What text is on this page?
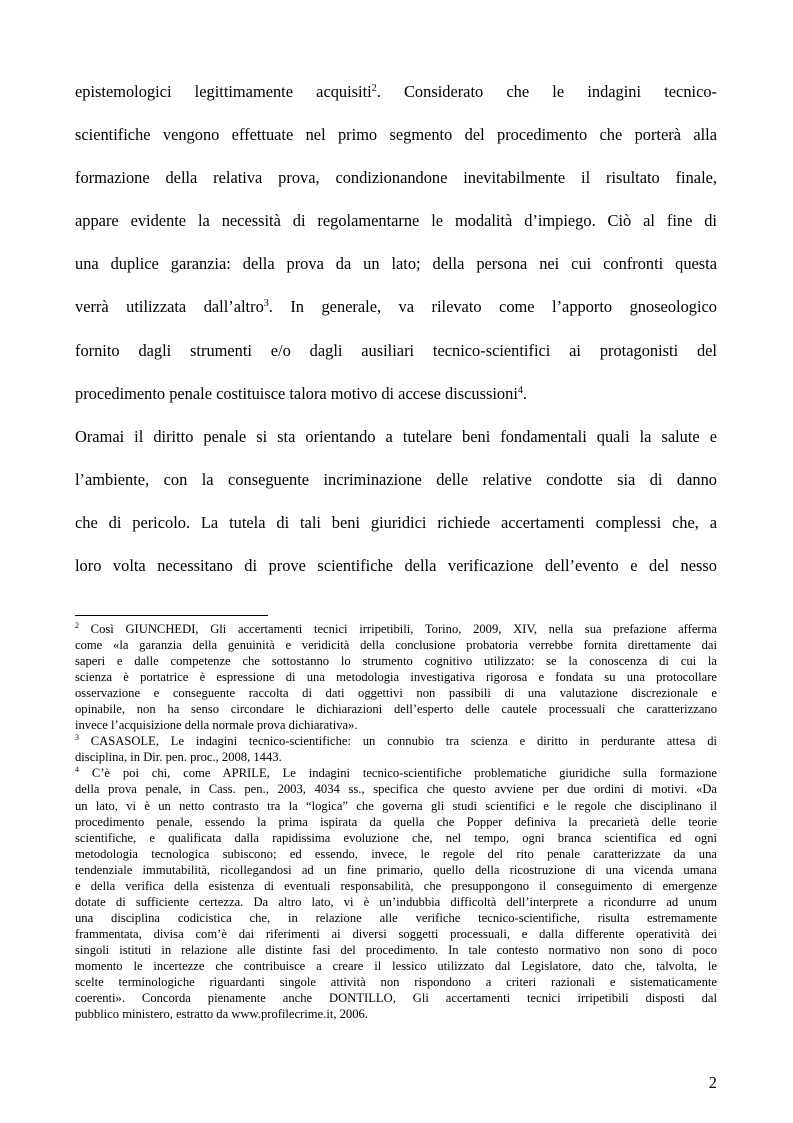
epistemologici legittimamente acquisiti$^2$. Considerato che le indagini tecnico-
scientifiche vengono effettuate nel primo segmento del procedimento che porterà alla
formazione della relativa prova, condizionandone inevitabilmente il risultato finale,
appare evidente la necessità di regolamentarne le modalità d’impiego. Ciò al fine di
una duplice garanzia: della prova da un lato; della persona nei cui confronti questa
verrà utilizzata dall’altro$^3$. In generale, va rilevato come l’apporto gnoseologico
fornito dagli strumenti e/o dagli ausiliari tecnico-scientifici ai protagonisti del
procedimento penale costituisce talora motivo di accese discussioni$^4$.
Oramai il diritto penale si sta orientando a tutelare beni fondamentali quali la salute e
l’ambiente, con la conseguente incriminazione delle relative condotte sia di danno
che di pericolo. La tutela di tali beni giuridici richiede accertamenti complessi che, a
loro volta necessitano di prove scientifiche della verificazione dell’evento e del nesso
$^2$ Così GIUNCHEDI, Gli accertamenti tecnici irripetibili, Torino, 2009, XIV, nella sua prefazione afferma
come «la garanzia della genuinità e veridicità della conclusione probatoria verrebbe fornita direttamente dai
saperi e dalle competenze che sottostanno lo strumento cognitivo utilizzato: se la conoscenza di cui la
scienza è portatrice è espressione di una metodologia investigativa rigorosa e fondata su una protocollare
osservazione e conseguente raccolta di dati oggettivi non passibili di una valutazione discrezionale e
opinabile, non ha senso circondare le dichiarazioni dell’esperto delle cautele processuali che caratterizzano
invece l’acquisizione della normale prova dichiarativa».
$^3$ CASASOLE, Le indagini tecnico-scientifiche: un connubio tra scienza e diritto in perdurante attesa di
disciplina, in Dir. pen. proc., 2008, 1443.
$^4$ C’è poi chi, come APRILE, Le indagini tecnico-scientifiche problematiche giuridiche sulla formazione
della prova penale, in Cass. pen., 2003, 4034 ss., specifica che questo avviene per due ordini di motivi. «Da
un lato, vi è un netto contrasto tra la “logica” che governa gli studi scientifici e le regole che disciplinano il
procedimento penale, essendo la prima ispirata da quella che Popper definiva la precarietà delle teorie
scientifiche, e qualificata dalla rapidissima evoluzione che, nel tempo, ogni branca scientifica ed ogni
metodologia tecnologica subiscono; ed essendo, invece, le regole del rito penale caratterizzate da una
tendenziale immutabilità, ricollegandosi ad un fine primario, quello della ricostruzione di una vicenda umana
e della verifica della esistenza di eventuali responsabilità, che presuppongono il conseguimento di emergenze
dotate di sufficiente certezza. Da altro lato, vi è un’indubbia difficoltà dell’interprete a ricondurre ad unum
una disciplina codicistica che, in relazione alle verifiche tecnico-scientifiche, risulta estremamente
frammentata, divisa com’è dai riferimenti ai diversi soggetti processuali, e dalla differente operatività dei
singoli istituti in relazione alle distinte fasi del procedimento. In tale contesto normativo non sono di poco
momento le incertezze che contribuisce a creare il lessico utilizzato dal Legislatore, dato che, talvolta, le
scelte terminologiche riguardanti singole attività non rispondono a criteri razionali e sistematicamente
coerenti». Concorda pienamente anche DONTILLO, Gli accertamenti tecnici irripetibili disposti dal
pubblico ministero, estratto da www.profilecrime.it, 2006.
2
